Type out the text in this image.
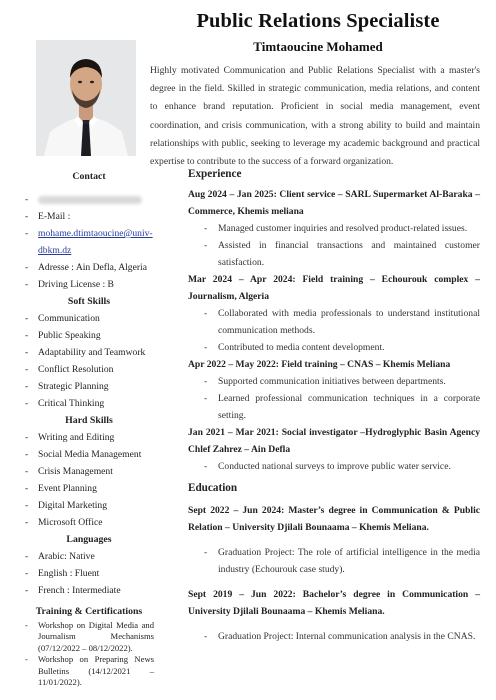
Public Relations Specialiste
Timtaoucine Mohamed

Highly motivated Communication and Public Relations Specialist with a master's degree in the field. Skilled in strategic communication, media relations, and content to enhance brand reputation. Proficient in social media management, event coordination, and crisis communication, with a strong ability to build and maintain relationships with public, seeking to leverage my academic background and practical expertise to contribute to the success of a forward organization.

Contact

-
- E-Mail :
- mohame.dtimtaoucine@univ-dbkm.dz
- Adresse : Ain Defla, Algeria
- Driving License : B

Soft Skills

- Communication
- Public Speaking
- Adaptability and Teamwork
- Conflict Resolution
- Strategic Planning
- Critical Thinking

Hard Skills

- Writing and Editing
- Social Media Management
- Crisis Management
- Event Planning
- Digital Marketing
- Microsoft Office

Languages

- Arabic: Native
- English : Fluent
- French : Intermediate

Training & Certifications

- Workshop on Digital Media and Journalism Mechanisms (07/12/2022 – 08/12/2022).
- Workshop on Preparing News Bulletins (14/12/2021 – 11/01/2022).

Experience

Aug 2024 – Jan 2025: Client service – SARL Supermarket Al-Baraka – Commerce, Khemis meliana

- Managed customer inquiries and resolved product-related issues.
- Assisted in financial transactions and maintained customer satisfaction.

Mar 2024 – Apr 2024: Field training – Echourouk complex – Journalism, Algeria

- Collaborated with media professionals to understand institutional communication methods.
- Contributed to media content development.

Apr 2022 – May 2022: Field training – CNAS – Khemis Meliana

- Supported communication initiatives between departments.
- Learned professional communication techniques in a corporate setting.

Jan 2021 – Mar 2021: Social investigator –Hydroglyphic Basin Agency Chlef Zahrez – Ain Defla

- Conducted national surveys to improve public water service.

Education

Sept 2022 – Jun 2024: Master’s degree in Communication & Public Relation – University Djilali Bounaama – Khemis Meliana.

- Graduation Project: The role of artificial intelligence in the media industry (Echourouk case study).

Sept 2019 – Jun 2022: Bachelor’s degree in Communication – University Djilali Bounaama – Khemis Meliana.

- Graduation Project: Internal communication analysis in the CNAS.
